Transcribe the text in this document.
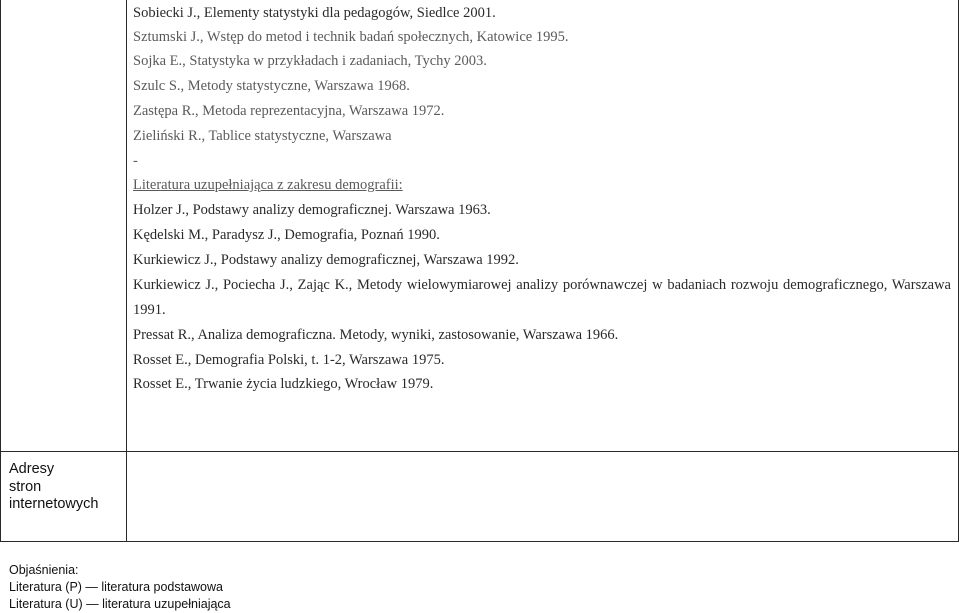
Sobiecki J., Elementy statystyki dla pedagogów, Siedlce 2001.
Sztumski J., Wstęp do metod i technik badań społecznych, Katowice 1995.
Sojka E., Statystyka w przykładach i zadaniach, Tychy 2003.
Szulc S., Metody statystyczne, Warszawa 1968.
Zastępa R., Metoda reprezentacyjna, Warszawa 1972.
Zieliński R., Tablice statystyczne, Warszawa
-
Literatura uzupełniająca z zakresu demografii:
Holzer J., Podstawy analizy demograficznej. Warszawa 1963.
Kędelski M., Paradysz J., Demografia, Poznań 1990.
Kurkiewicz J., Podstawy analizy demograficznej, Warszawa 1992.
Kurkiewicz J., Pociecha J., Zając K., Metody wielowymiarowej analizy porównawczej w badaniach rozwoju demograficznego, Warszawa
1991.
Pressat R., Analiza demograficzna. Metody, wyniki, zastosowanie, Warszawa 1966.
Rosset E., Demografia Polski, t. 1-2, Warszawa 1975.
Rosset E., Trwanie życia ludzkiego, Wrocław 1979.
Adresy
stron
internetowych
Objaśnienia:
Literatura (P) — literatura podstawowa
Literatura (U) — literatura uzupełniająca
